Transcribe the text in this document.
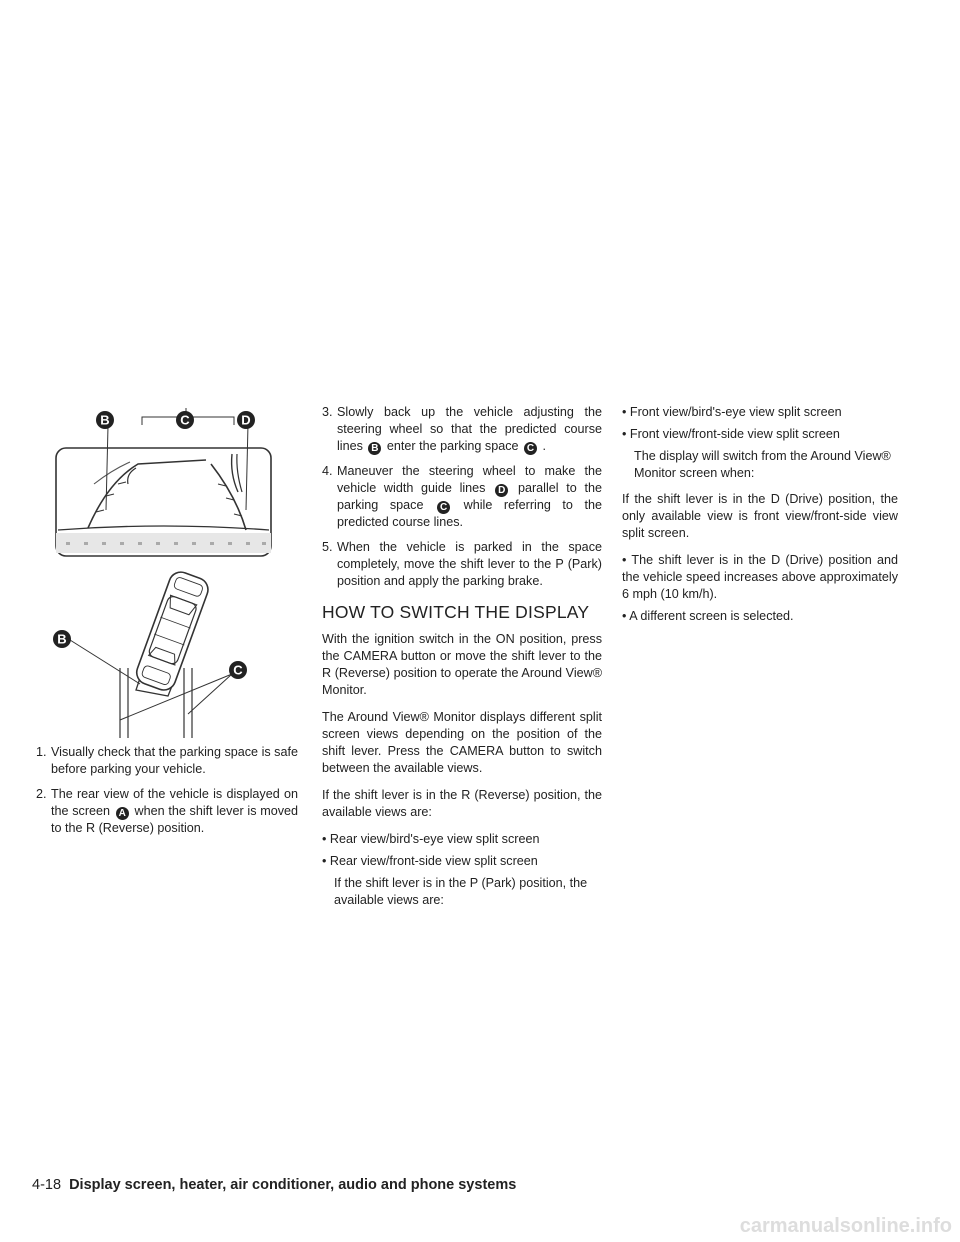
B	C	D
B
C
1. Visually check that the parking space is safe before parking your vehicle.
2. The rear view of the vehicle is displayed on the screen A when the shift lever is moved to the R (Reverse) position.
3. Slowly back up the vehicle adjusting the steering wheel so that the predicted course lines B enter the parking space C .
4. Maneuver the steering wheel to make the vehicle width guide lines D parallel to the parking space C while referring to the predicted course lines.
5. When the vehicle is parked in the space completely, move the shift lever to the P (Park) position and apply the parking brake.
HOW TO SWITCH THE DISPLAY

With the ignition switch in the ON position, press the CAMERA button or move the shift lever to the R (Reverse) position to operate the Around View® Monitor.

The Around View® Monitor displays different split screen views depending on the position of the shift lever. Press the CAMERA button to switch between the available views.

If the shift lever is in the R (Reverse) position, the available views are:

• Rear view/bird's-eye view split screen
• Rear view/front-side view split screen
If the shift lever is in the P (Park) position, the available views are:
• Front view/bird's-eye view split screen
• Front view/front-side view split screen
The display will switch from the Around View® Monitor screen when:

If the shift lever is in the D (Drive) position, the only available view is front view/front-side view split screen.

• The shift lever is in the D (Drive) position and the vehicle speed increases above approximately 6 mph (10 km/h).
• A different screen is selected.
4-18 Display screen, heater, air conditioner, audio and phone systems
carmanualsonline.info
